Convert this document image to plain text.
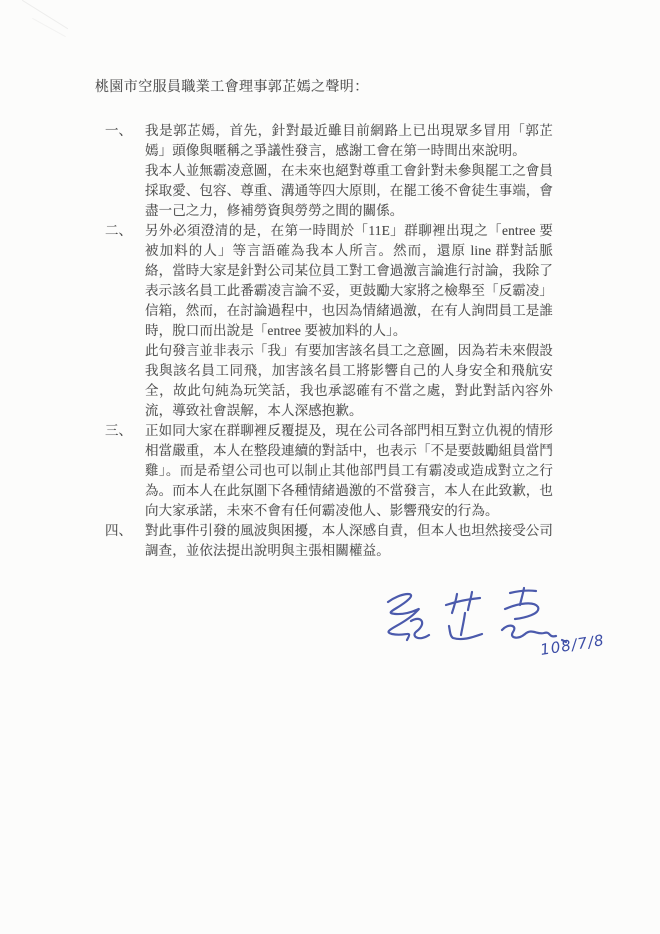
桃園市空服員職業工會理事郭芷嫣之聲明：
一、 我是郭芷嫣，首先，針對最近雖目前網路上已出現眾多冒用「郭芷嫣」頭像與暱稱之爭議性發言，感謝工會在第一時間出來說明。
我本人並無霸凌意圖，在未來也絕對尊重工會針對未參與罷工之會員採取愛、包容、尊重、溝通等四大原則，在罷工後不會徒生事端，會盡一己之力，修補勞資與勞勞之間的關係。
二、 另外必須澄清的是，在第一時間於「11E」群聊裡出現之「entree 要被加料的人」等言語確為我本人所言。然而，還原 line 群對話脈絡，當時大家是針對公司某位員工對工會過激言論進行討論，我除了表示該名員工此番霸凌言論不妥，更鼓勵大家將之檢舉至「反霸凌」信箱，然而，在討論過程中，也因為情緒過激，在有人詢問員工是誰時，脫口而出說是「entree 要被加料的人」。
此句發言並非表示「我」有要加害該名員工之意圖，因為若未來假設我與該名員工同飛，加害該名員工將影響自己的人身安全和飛航安全，故此句純為玩笑話，我也承認確有不當之處，對此對話內容外流，導致社會誤解，本人深感抱歉。
三、 正如同大家在群聊裡反覆提及，現在公司各部門相互對立仇視的情形相當嚴重，本人在整段連續的對話中，也表示「不是要鼓勵組員當鬥雞」。而是希望公司也可以制止其他部門員工有霸凌或造成對立之行為。而本人在此氛圍下各種情緒過激的不當發言，本人在此致歉，也向大家承諾，未來不會有任何霸凌他人、影響飛安的行為。
四、 對此事件引發的風波與困擾，本人深感自責，但本人也坦然接受公司調查，並依法提出說明與主張相關權益。
108/7/8
